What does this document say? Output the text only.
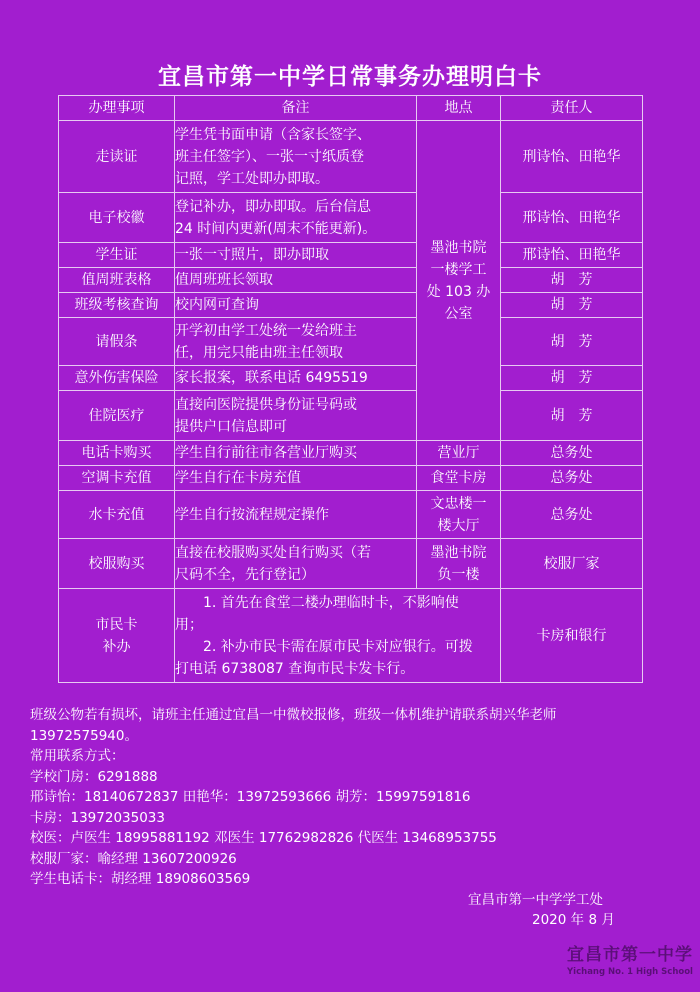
宜昌市第一中学日常事务办理明白卡
办理事项	备注	地点	责任人
走读证	学生凭书面申请（含家长签字、
班主任签字）、一张一寸纸质登
记照，学工处即办即取。	墨池书院
一楼学工
处 103 办
公室	刑诗怡、田艳华
电子校徽	登记补办，即办即取。后台信息
24 时间内更新(周末不能更新)。		邢诗怡、田艳华
学生证	一张一寸照片，即办即取		邢诗怡、田艳华
值周班表格	值周班班长领取		胡　芳
班级考核查询	校内网可查询		胡　芳
请假条	开学初由学工处统一发给班主
任，用完只能由班主任领取		胡　芳
意外伤害保险	家长报案，联系电话 6495519		胡　芳
住院医疗	直接向医院提供身份证号码或
提供户口信息即可		胡　芳
电话卡购买	学生自行前往市各营业厅购买	营业厅	总务处
空调卡充值	学生自行在卡房充值	食堂卡房	总务处
水卡充值	学生自行按流程规定操作	文忠楼一
楼大厅	总务处
校服购买	直接在校服购买处自行购买（若
尺码不全，先行登记）	墨池书院
负一楼	校服厂家
市民卡
补办	1. 首先在食堂二楼办理临时卡，不影响使
用；
2. 补办市民卡需在原市民卡对应银行。可拨
打电话 6738087 查询市民卡发卡行。		卡房和银行
班级公物若有损坏，请班主任通过宜昌一中微校报修，班级一体机维护请联系胡兴华老师
13972575940。
常用联系方式：
学校门房：6291888
邢诗怡：18140672837 田艳华：13972593666 胡芳：15997591816
卡房：13972035033
校医：卢医生 18995881192 邓医生 17762982826 代医生 13468953755
校服厂家：喻经理 13607200926
学生电话卡：胡经理 18908603569
宜昌市第一中学学工处
2020 年 8 月
宜昌市第一中学
Yichang No. 1 High School
